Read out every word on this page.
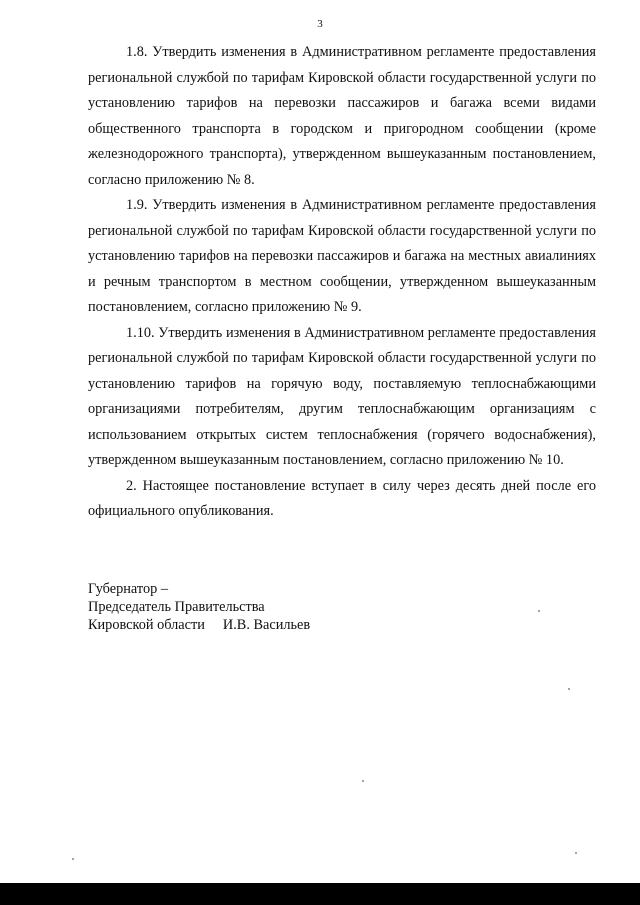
3

1.8. Утвердить изменения в Административном регламенте предоставления региональной службой по тарифам Кировской области государственной услуги по установлению тарифов на перевозки пассажиров и багажа всеми видами общественного транспорта в городском и пригородном сообщении (кроме железнодорожного транспорта), утвержденном вышеуказанным постановлением, согласно приложению № 8.

1.9. Утвердить изменения в Административном регламенте предоставления региональной службой по тарифам Кировской области государственной услуги по установлению тарифов на перевозки пассажиров и багажа на местных авиалиниях и речным транспортом в местном сообщении, утвержденном вышеуказанным постановлением, согласно приложению № 9.

1.10. Утвердить изменения в Административном регламенте предоставления региональной службой по тарифам Кировской области государственной услуги по установлению тарифов на горячую воду, поставляемую теплоснабжающими организациями потребителям, другим теплоснабжающим организациям с использованием открытых систем теплоснабжения (горячего водоснабжения), утвержденном вышеуказанным постановлением, согласно приложению № 10.

2. Настоящее постановление вступает в силу через десять дней после его официального опубликования.

Губернатор –
Председатель Правительства
Кировской области И.В. Васильев
